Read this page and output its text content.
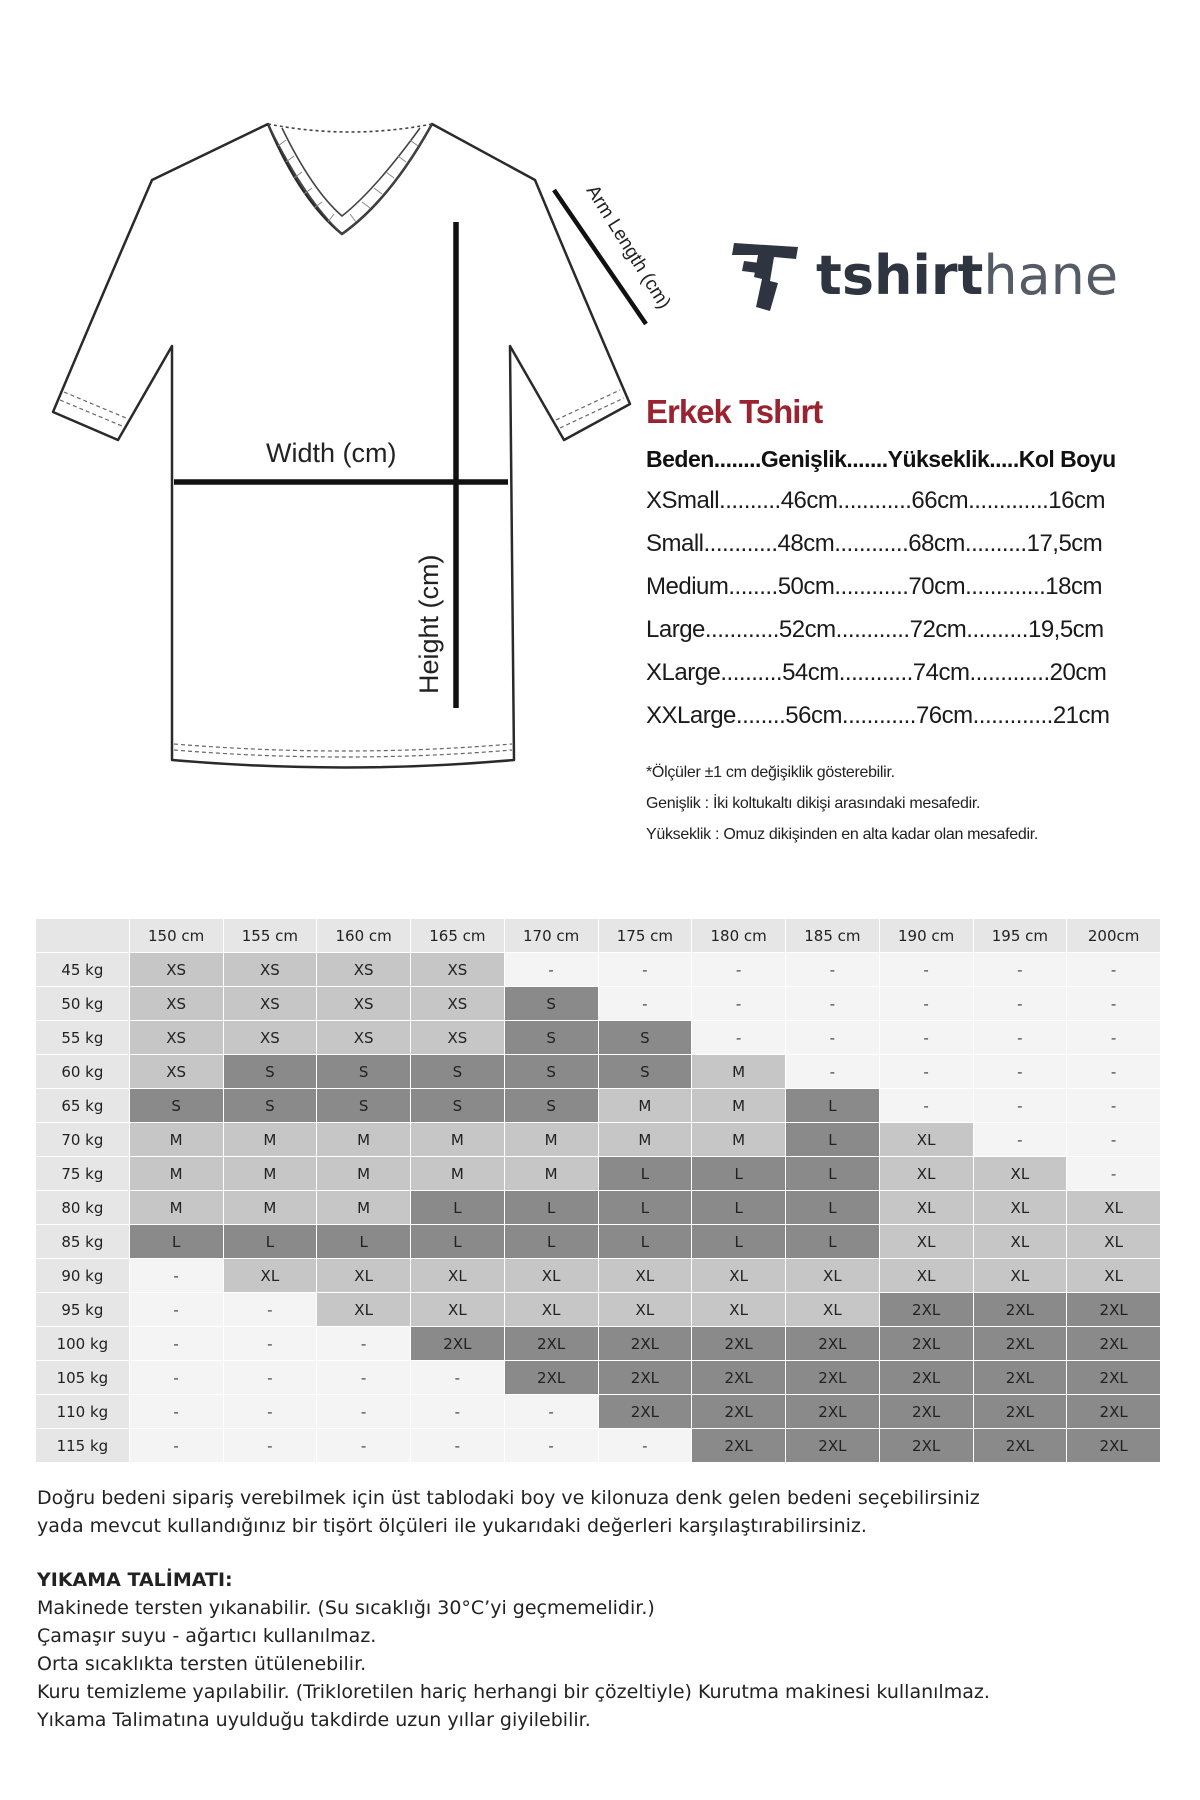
Width (cm)
Height (cm)
Arm Length (cm)	tshirt hane
Erkek Tshirt
Beden........Genişlik.......Yükseklik.....Kol Boyu
XSmall..........46cm............66cm.............16cm
Small............48cm............68cm..........17,5cm
Medium........50cm............70cm.............18cm
Large............52cm............72cm..........19,5cm
XLarge..........54cm............74cm.............20cm
XXLarge........56cm............76cm.............21cm
*Ölçüler ±1 cm değişiklik gösterebilir.
Genişlik : İki koltukaltı dikişi arasındaki mesafedir.
Yükseklik : Omuz dikişinden en alta kadar olan mesafedir.
	150 cm	155 cm	160 cm	165 cm	170 cm	175 cm	180 cm	185 cm	190 cm	195 cm	200cm
45 kg	XS	XS	XS	XS	-	-	-	-	-	-	-
50 kg	XS	XS	XS	XS	S	-	-	-	-	-	-
55 kg	XS	XS	XS	XS	S	S	-	-	-	-	-
60 kg	XS	S	S	S	S	S	M	-	-	-	-
65 kg	S	S	S	S	S	M	M	L	-	-	-
70 kg	M	M	M	M	M	M	M	L	XL	-	-
75 kg	M	M	M	M	M	L	L	L	XL	XL	-
80 kg	M	M	M	L	L	L	L	L	XL	XL	XL
85 kg	L	L	L	L	L	L	L	L	XL	XL	XL
90 kg	-	XL	XL	XL	XL	XL	XL	XL	XL	XL	XL
95 kg	-	-	XL	XL	XL	XL	XL	XL	2XL	2XL	2XL
100 kg	-	-	-	2XL	2XL	2XL	2XL	2XL	2XL	2XL	2XL
105 kg	-	-	-	-	2XL	2XL	2XL	2XL	2XL	2XL	2XL
110 kg	-	-	-	-	-	2XL	2XL	2XL	2XL	2XL	2XL
115 kg	-	-	-	-	-	-	2XL	2XL	2XL	2XL	2XL
Doğru bedeni sipariş verebilmek için üst tablodaki boy ve kilonuza denk gelen bedeni seçebilirsiniz
yada mevcut kullandığınız bir tişört ölçüleri ile yukarıdaki değerleri karşılaştırabilirsiniz.
YIKAMA TALİMATI:
Makinede tersten yıkanabilir. (Su sıcaklığı 30°C’yi geçmemelidir.)
Çamaşır suyu - ağartıcı kullanılmaz.
Orta sıcaklıkta tersten ütülenebilir.
Kuru temizleme yapılabilir. (Trikloretilen hariç herhangi bir çözeltiyle) Kurutma makinesi kullanılmaz.
Yıkama Talimatına uyulduğu takdirde uzun yıllar giyilebilir.
